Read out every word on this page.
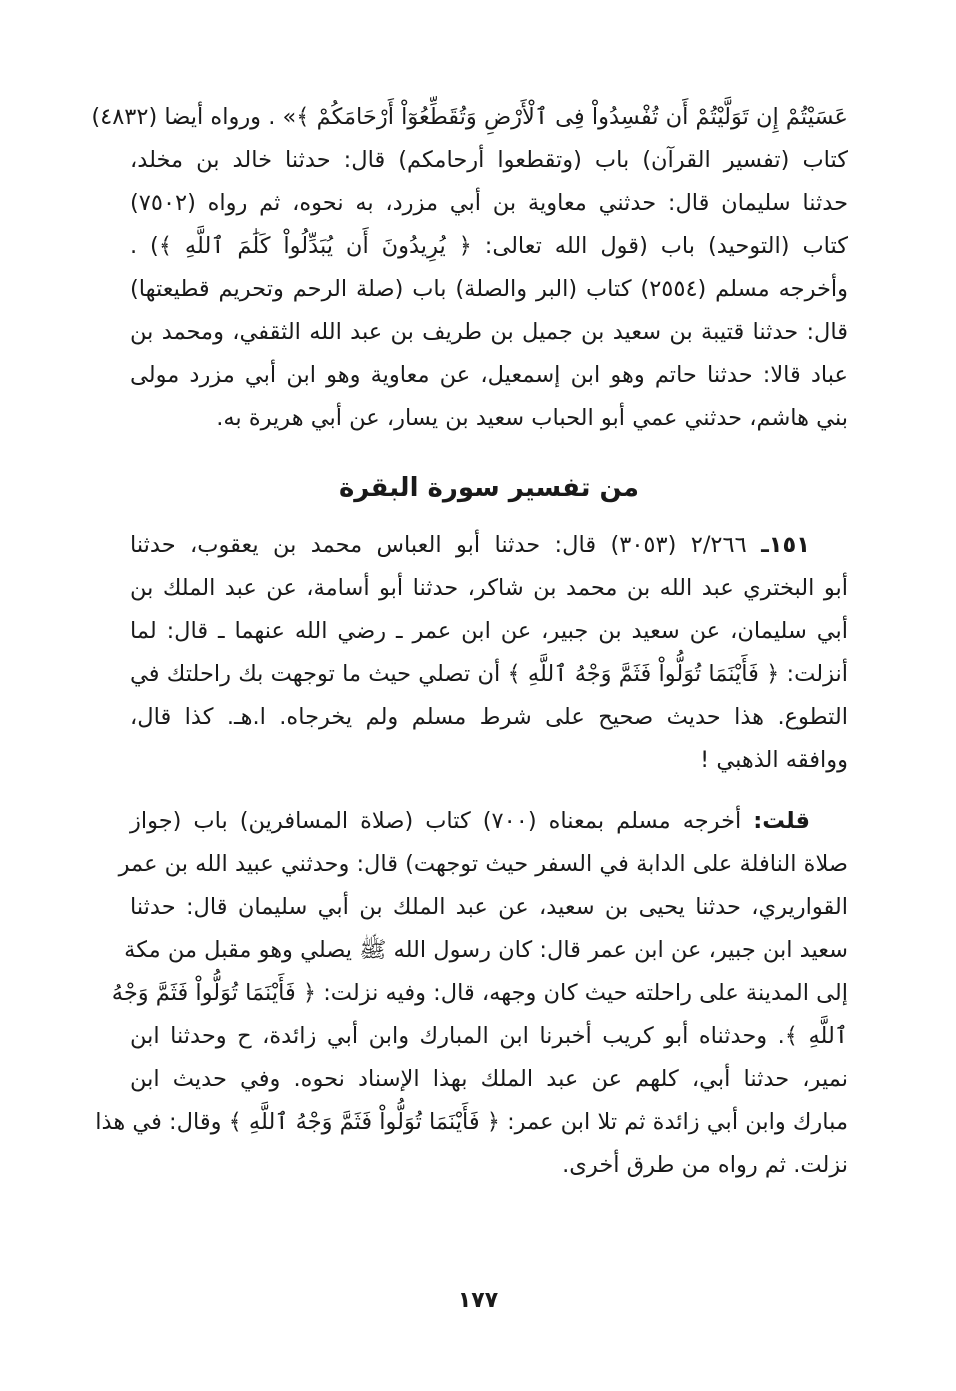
عَسَيْتُمْ إِن تَوَلَّيْتُمْ أَن تُفْسِدُواْ فِى ٱلْأَرْضِ وَتُقَطِّعُوٓاْ أَرْحَامَكُمْ ﴾» . ورواه أيضا (٤٨٣٢)
كتاب (تفسير القرآن) باب (وتقطعوا أرحامكم) قال: حدثنا خالد بن مخلد،
حدثنا سليمان قال: حدثني معاوية بن أبي مزرد، به نحوه، ثم رواه (٧٥٠٢)
كتاب (التوحيد) باب (قول الله تعالى: ﴿ يُرِيدُونَ أَن يُبَدِّلُواْ كَلَٰمَ ٱللَّهِ ﴾) .
وأخرجه مسلم (٢٥٥٤) كتاب (البر والصلة) باب (صلة الرحم وتحريم قطيعتها)
قال: حدثنا قتيبة بن سعيد بن جميل بن طريف بن عبد الله الثقفي، ومحمد بن
عباد قالا: حدثنا حاتم وهو ابن إسمعيل، عن معاوية وهو ابن أبي مزرد مولى
بني هاشم، حدثني عمي أبو الحباب سعيد بن يسار، عن أبي هريرة به.
من تفسير سورة البقرة
١٥١ـ ٢/٢٦٦ (٣٠٥٣) قال: حدثنا أبو العباس محمد بن يعقوب، حدثنا
أبو البختري عبد الله بن محمد بن شاكر، حدثنا أبو أسامة، عن عبد الملك بن
أبي سليمان، عن سعيد بن جبير، عن ابن عمر ـ رضي الله عنهما ـ قال: لما
أنزلت: ﴿ فَأَيْنَمَا تُوَلُّواْ فَثَمَّ وَجْهُ ٱللَّهِ ﴾ أن تصلي حيث ما توجهت بك راحلتك في
التطوع. هذا حديث صحيح على شرط مسلم ولم يخرجاه. ا.هـ. كذا قال،
ووافقه الذهبي !
قلت: أخرجه مسلم بمعناه (٧٠٠) كتاب (صلاة المسافرين) باب (جواز
صلاة النافلة على الدابة في السفر حيث توجهت) قال: وحدثني عبيد الله بن عمر
القواريري، حدثنا يحيى بن سعيد، عن عبد الملك بن أبي سليمان قال: حدثنا
سعيد ابن جبير، عن ابن عمر قال: كان رسول الله ﷺ يصلي وهو مقبل من مكة
إلى المدينة على راحلته حيث كان وجهه، قال: وفيه نزلت: ﴿ فَأَيْنَمَا تُوَلُّواْ فَثَمَّ وَجْهُ
ٱللَّهِ ﴾. وحدثناه أبو كريب أخبرنا ابن المبارك وابن أبي زائدة، ح وحدثنا ابن
نمير، حدثنا أبي، كلهم عن عبد الملك بهذا الإسناد نحوه. وفي حديث ابن
مبارك وابن أبي زائدة ثم تلا ابن عمر: ﴿ فَأَيْنَمَا تُوَلُّواْ فَثَمَّ وَجْهُ ٱللَّهِ ﴾ وقال: في هذا
نزلت. ثم رواه من طرق أخرى.
١٧٧
